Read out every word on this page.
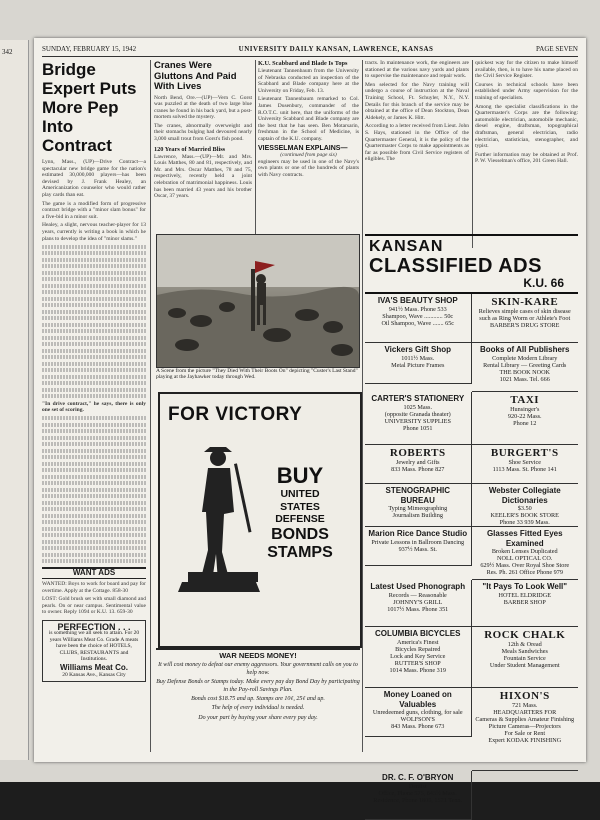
342	SUNDAY, FEBRUARY 15, 1942	UNIVERSITY DAILY KANSAN, LAWRENCE, KANSAS	PAGE SEVEN
Bridge Expert Puts More Pep Into Contract
Lynn, Mass., (UP)—Drive Contract—a spectacular new bridge game for the nation's estimated 30,000,000 players—has been devised by J. Frank Healey, an Americanization counselor who would rather play cards than eat.
The game is a modified form of progressive contract bridge with a "minor slam bonus" for a five-bid in a minor suit.
Healey, a slight, nervous teacher-player for 13 years, currently is writing a book in which he plans to develop the idea of "minor slams."
"In drive contract," he says, there is only one set of scoring.
WANT ADS
WANTED: Boys to work for board and pay for overtime. Apply at the Cottage. 858-30
LOST: Gold brush set with small diamond and pearls. On or near campus. Sentimental value to owner. Reply 1094 or K.U. 13. 659-30
PERFECTION . . .
is something we all seek to attain. For 20 years Williams Meat Co. Grade A meats have been the choice of HOTELS, CLUBS, RESTAURANTS and Institutions.
Williams Meat Co.
20 Kansas Ave., Kansas City
Cranes Were Gluttons And Paid With Lives
North Bend, Ore.—(UP)—Vern C. Gorst was puzzled at the death of two large blue cranes he found in his back yard, but a post-mortem solved the mystery.
The cranes, abnormally overweight and their stomachs bulging had devoured nearly 3,000 small trout from Gorst's fish pond.
120 Years of Married Bliss
Lawrence, Mass.—(UP)—Mr. and Mrs. Louis Matthes, 80 and 81, respectively, and Mr. and Mrs. Oscar Matthes, 78 and 75, respectively, recently held a joint celebration of matrimonial happiness. Louis has been married 43 years and his brother Oscar, 37 years.
K.U. Scabbard and Blade Is Tops
Lieutenant Tannenbaum from the University of Nebraska conducted an inspection of the Scabbard and Blade company here at the University on Friday, Feb. 13.
Lieutenant Tannenbaum remarked to Col. James Dusenbury, commander of the R.O.T.C. unit here, that the uniforms of the University Scabbard and Blade company are the best that he has seen. Ben Motarsarin, freshman in the School of Medicine, is captain of the K.U. company.
VIESSELMAN EXPLAINS—
(continued from page six)
engineers may be used in one of the Navy's own plants or one of the hundreds of plants with Navy contracts.
tracts. In maintenance work, the engineers are stationed at the various navy yards and plants to supervise the maintenance and repair work.
Men selected for the Navy training will undergo a course of instruction at the Naval Training School, Ft. Schuyler, N.Y., N.Y. Details for this branch of the service may be obtained at the office of Dean Stockton, Dean Aldekely, or James K. Hitt.
According to a letter received from Lieut. John S. Hays, stationed in the Office of the Quartermaster General, it is the policy of the Quartermaster Corps to make appointments as far as possible from Civil Service registers of eligibles. The
quickest way for the citizen to make himself available, then, is to have his name placed on the Civil Service Register.
Courses in technical schools have been established under Army supervision for the training of specialists.
Among the specialist classifications in the Quartermaster's Corps are the following: automobile electrician, automobile mechanic, diesel engine, draftsman, topographical draftsman, general electrician, radio electrician, statistician, stenographer, and typist.
Further information may be obtained at Prof. P. W. Viesselman's office, 201 Green Hall.
A Scene from the picture "They Died With Their Boots On" depicting "Custer's Last Stand" playing at the Jayhawker today through Wed.
FOR VICTORY
BUY
UNITED
STATES
DEFENSE
BONDS
STAMPS
WAR NEEDS MONEY!
It will cost money to defeat our enemy aggressors. Your government calls on you to help now.
Buy Defense Bonds or Stamps today. Make every pay day Bond Day by participating in the Pay-roll Savings Plan.
Bonds cost $18.75 and up. Stamps are 10¢, 25¢ and up.
The help of every individual is needed.
Do your part by buying your share every pay day.
KANSAN
CLASSIFIED ADS
K.U. 66
IVA'S BEAUTY SHOP
941½ Mass. Phone 533
Shampoo, Wave ............ 50c
Oil Shampoo, Wave ....... 65c
SKIN-KARE
Relieves simple cases of skin disease such as Ring Worm or Athlete's Foot
BARBER'S DRUG STORE
Vickers Gift Shop
1011½ Mass.
Metal Picture Frames
Books of All Publishers
Complete Modern Library
Rental Library — Greeting Cards
THE BOOK NOOK
1021 Mass. Tel. 666
CARTER'S STATIONERY
1025 Mass.
(opposite Granada theater)
UNIVERSITY SUPPLIES
Phone 1051
TAXI
Hunsinger's
920-22 Mass.
Phone 12
ROBERTS
Jewelry and Gifts
833 Mass. Phone 827
BURGERT'S
Shoe Service
1113 Mass. St. Phone 141
STENOGRAPHIC BUREAU
Typing Mimeographing
Journalism Building
Webster Collegiate Dictionaries
$3.50
KEELER'S BOOK STORE
Phone 33 939 Mass.
Marion Rice Dance Studio
Private Lessons in Ballroom Dancing
937½ Mass. St.
Glasses Fitted Eyes Examined
Broken Lenses Duplicated
NOLL OPTICAL CO.
629½ Mass. Over Royal Shoe Store
Res. Ph. 261 Office Phone 979
Latest Used Phonograph
Records — Reasonable
JOHNNY'S GRILL
1017½ Mass. Phone 351
"It Pays To Look Well"
HOTEL ELDRIDGE
BARBER SHOP
COLUMBIA BICYCLES
America's Finest
Bicycles Repaired
Lock and Key Service
RUTTER'S SHOP
1014 Mass. Phone 319
ROCK CHALK
12th & Oread
Meals Sandwiches
Fountain Service
Under Student Management
Money Loaned on Valuables
Unredeemed guns, clothing, for sale
WOLFSON'S
843 Mass. Phone 673
HIXON'S
721 Mass.
HEADQUARTERS FOR
Cameras & Supplies Amateur Finishing
Picture Cameras—Projectors
For Sale or Rent
Expert KODAK FINISHING
DR. C. F. O'BRYON
Dentist
Office, Phone 575, 845½ Mass.
Residence, Phone 1806, 1521 Tenn.
